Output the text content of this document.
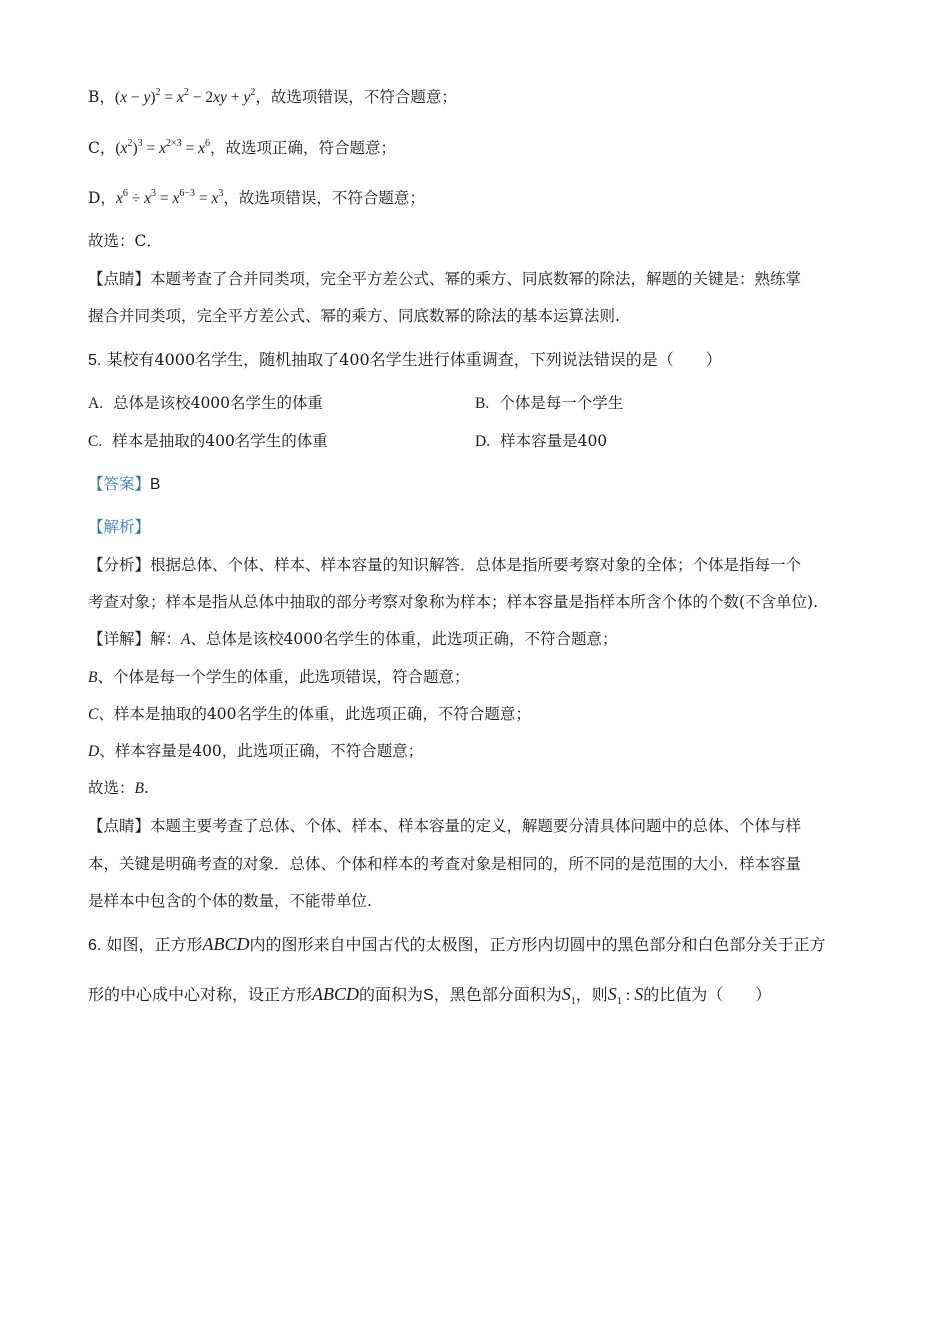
B，$(x - y)^2 = x^2 - 2xy + y^2$，故选项错误，不符合题意；
C，$(x^2)^3 = x^{2\times 3} = x^6$，故选项正确，符合题意；
D，$x^6 \div x^3 = x^{6-3} = x^3$，故选项错误，不符合题意；
故选：C．
【点睛】本题考查了合并同类项，完全平方差公式、幂的乘方、同底数幂的除法，解题的关键是：熟练掌
握合并同类项，完全平方差公式、幂的乘方、同底数幂的除法的基本运算法则.
5. 某校有4000名学生，随机抽取了400名学生进行体重调查，下列说法错误的是（　　）
A. 总体是该校4000名学生的体重	B. 个体是每一个学生
C. 样本是抽取的400名学生的体重	D. 样本容量是400
【答案】B
【解析】
【分析】根据总体、个体、样本、样本容量的知识解答．总体是指所要考察对象的全体；个体是指每一个
考查对象；样本是指从总体中抽取的部分考察对象称为样本；样本容量是指样本所含个体的个数(不含单位).
【详解】解：A、总体是该校4000名学生的体重，此选项正确，不符合题意；
B、个体是每一个学生的体重，此选项错误，符合题意；
C、样本是抽取的400名学生的体重，此选项正确，不符合题意；
D、样本容量是400，此选项正确，不符合题意；
故选：B.
【点睛】本题主要考查了总体、个体、样本、样本容量的定义，解题要分清具体问题中的总体、个体与样
本，关键是明确考查的对象．总体、个体和样本的考查对象是相同的，所不同的是范围的大小．样本容量
是样本中包含的个体的数量，不能带单位.
6. 如图，正方形ABCD内的图形来自中国古代的太极图，正方形内切圆中的黑色部分和白色部分关于正方
形的中心成中心对称，设正方形ABCD的面积为S，黑色部分面积为$S_1$，则$S_1$ : S的比值为（　　）
